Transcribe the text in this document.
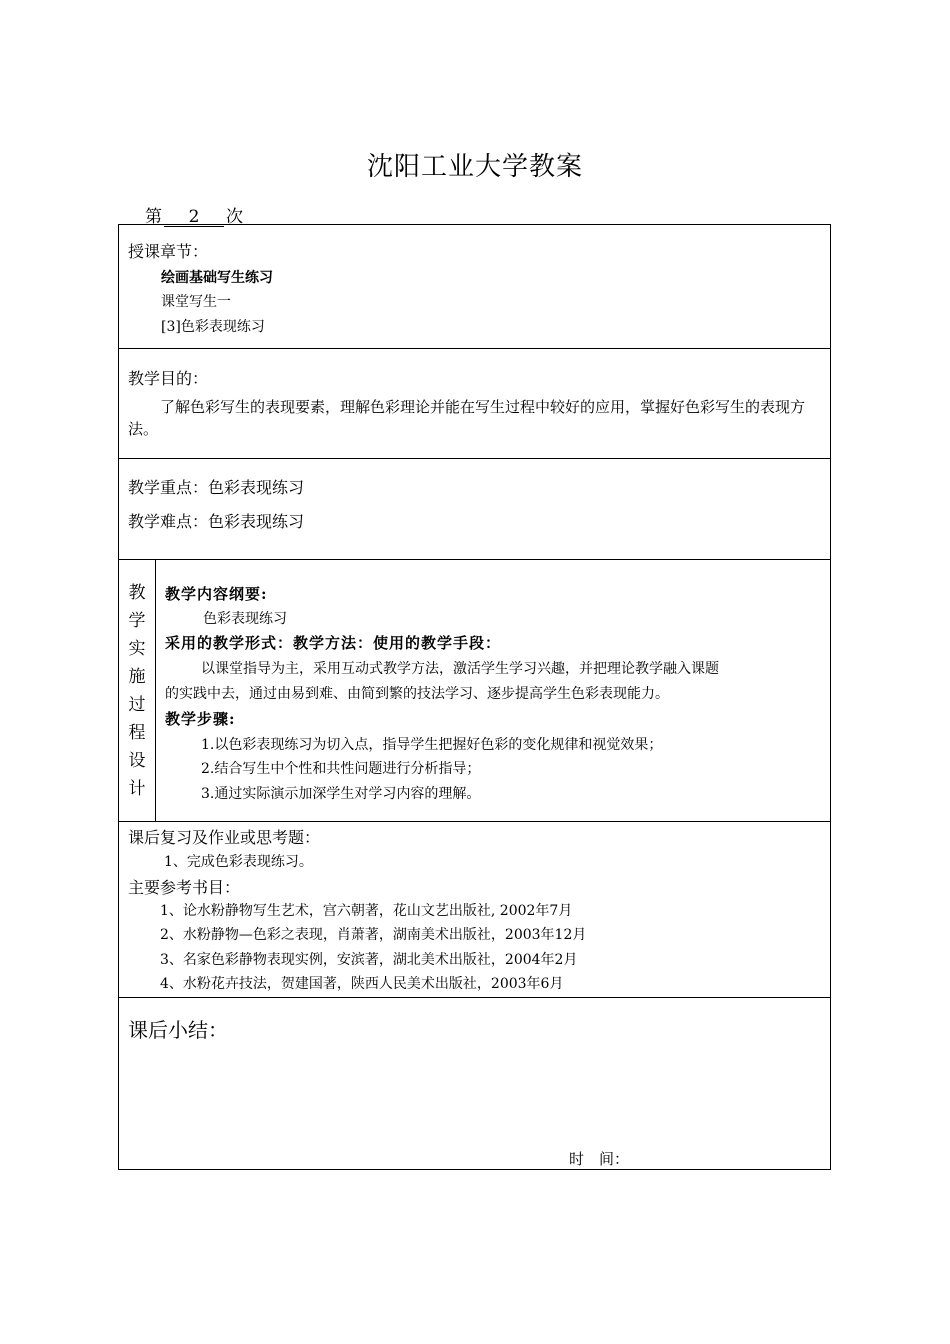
沈阳工业大学教案
第 2 次
授课章节：
绘画基础写生练习
课堂写生一
[3]色彩表现练习
教学目的：
了解色彩写生的表现要素，理解色彩理论并能在写生过程中较好的应用，掌握好色彩写生的表现方法。
教学重点：色彩表现练习
教学难点：色彩表现练习
教
学
实
施
过
程
设
计
教学内容纲要:
色彩表现练习
采用的教学形式：教学方法：使用的教学手段：
以课堂指导为主，采用互动式教学方法，激活学生学习兴趣，并把理论教学融入课题
的实践中去，通过由易到难、由简到繁的技法学习、逐步提高学生色彩表现能力。
教学步骤:
1.以色彩表现练习为切入点，指导学生把握好色彩的变化规律和视觉效果；
2.结合写生中个性和共性问题进行分析指导；
3.通过实际演示加深学生对学习内容的理解。
课后复习及作业或思考题：
1、完成色彩表现练习。
主要参考书目：
1、论水粉静物写生艺术，宫六朝著，花山文艺出版社, 2002年7月
2、水粉静物—色彩之表现，肖萧著，湖南美术出版社，2003年12月
3、名家色彩静物表现实例，安滨著，湖北美术出版社，2004年2月
4、水粉花卉技法，贺建国著，陕西人民美术出版社，2003年6月
课后小结：
时　间：
